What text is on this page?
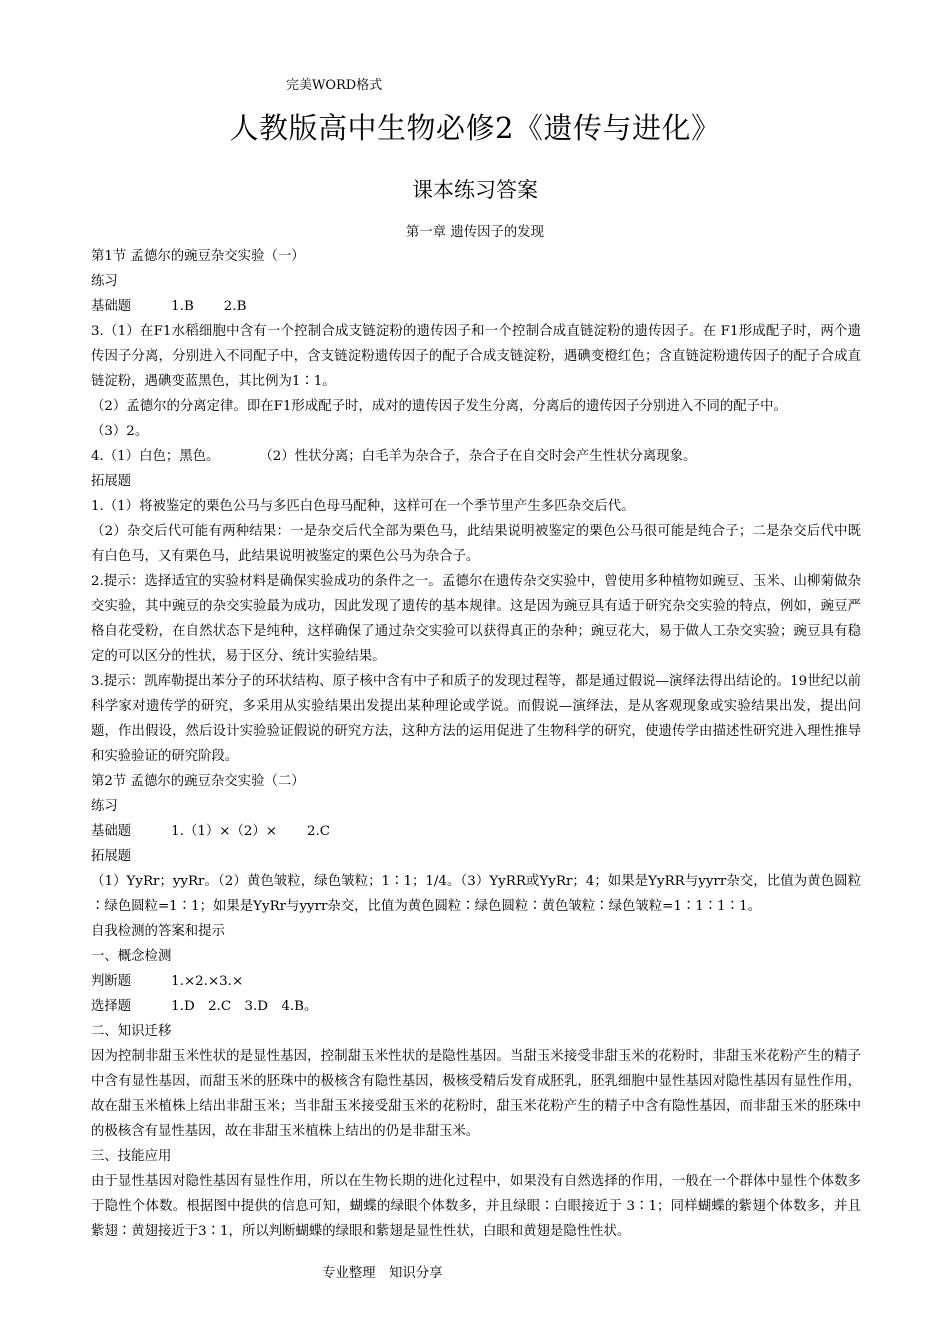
完美WORD格式
人教版高中生物必修2《遗传与进化》
课本练习答案
第一章 遗传因子的发现
第1节 孟德尔的豌豆杂交实验（一）
练习
基础题	1.B 2.B
3.（1）在F1水稻细胞中含有一个控制合成支链淀粉的遗传因子和一个控制合成直链淀粉的遗传因子。在 F1形成配子时，两个遗传因子分离，分别进入不同配子中，含支链淀粉遗传因子的配子合成支链淀粉，遇碘变橙红色；含直链淀粉遗传因子的配子合成直链淀粉，遇碘变蓝黑色，其比例为1∶1。
（2）孟德尔的分离定律。即在F1形成配子时，成对的遗传因子发生分离，分离后的遗传因子分别进入不同的配子中。
（3）2。
4.（1）白色；黑色。	（2）性状分离；白毛羊为杂合子，杂合子在自交时会产生性状分离现象。
拓展题
1.（1）将被鉴定的栗色公马与多匹白色母马配种，这样可在一个季节里产生多匹杂交后代。
（2）杂交后代可能有两种结果：一是杂交后代全部为栗色马，此结果说明被鉴定的栗色公马很可能是纯合子；二是杂交后代中既有白色马，又有栗色马，此结果说明被鉴定的栗色公马为杂合子。
2.提示：选择适宜的实验材料是确保实验成功的条件之一。孟德尔在遗传杂交实验中，曾使用多种植物如豌豆、玉米、山柳菊做杂交实验，其中豌豆的杂交实验最为成功，因此发现了遗传的基本规律。这是因为豌豆具有适于研究杂交实验的特点，例如，豌豆严格自花受粉，在自然状态下是纯种，这样确保了通过杂交实验可以获得真正的杂种；豌豆花大，易于做人工杂交实验；豌豆具有稳定的可以区分的性状，易于区分、统计实验结果。
3.提示：凯库勒提出苯分子的环状结构、原子核中含有中子和质子的发现过程等，都是通过假说—演绎法得出结论的。19世纪以前科学家对遗传学的研究，多采用从实验结果出发提出某种理论或学说。而假说—演绎法，是从客观现象或实验结果出发，提出问题，作出假设，然后设计实验验证假说的研究方法，这种方法的运用促进了生物科学的研究，使遗传学由描述性研究进入理性推导和实验验证的研究阶段。
第2节 孟德尔的豌豆杂交实验（二）
练习
基础题	1.（1）×（2）× 2.C
拓展题
（1）YyRr；yyRr。（2）黄色皱粒，绿色皱粒；1∶1；1/4。（3）YyRR或YyRr；4；如果是YyRR与yyrr杂交，比值为黄色圆粒∶绿色圆粒=1∶1；如果是YyRr与yyrr杂交，比值为黄色圆粒∶绿色圆粒∶黄色皱粒∶绿色皱粒=1∶1∶1∶1。
自我检测的答案和提示
一、概念检测
判断题	1.×2.×3.×
选择题	1.D　2.C　3.D　4.B。
二、知识迁移
因为控制非甜玉米性状的是显性基因，控制甜玉米性状的是隐性基因。当甜玉米接受非甜玉米的花粉时，非甜玉米花粉产生的精子中含有显性基因，而甜玉米的胚珠中的极核含有隐性基因，极核受精后发育成胚乳，胚乳细胞中显性基因对隐性基因有显性作用，故在甜玉米植株上结出非甜玉米；当非甜玉米接受甜玉米的花粉时，甜玉米花粉产生的精子中含有隐性基因，而非甜玉米的胚珠中的极核含有显性基因，故在非甜玉米植株上结出的仍是非甜玉米。
三、技能应用
由于显性基因对隐性基因有显性作用，所以在生物长期的进化过程中，如果没有自然选择的作用，一般在一个群体中显性个体数多于隐性个体数。根据图中提供的信息可知，蝴蝶的绿眼个体数多，并且绿眼∶白眼接近于 3∶1；同样蝴蝶的紫翅个体数多，并且紫翅∶黄翅接近于3∶1，所以判断蝴蝶的绿眼和紫翅是显性性状，白眼和黄翅是隐性性状。
专业整理　知识分享
